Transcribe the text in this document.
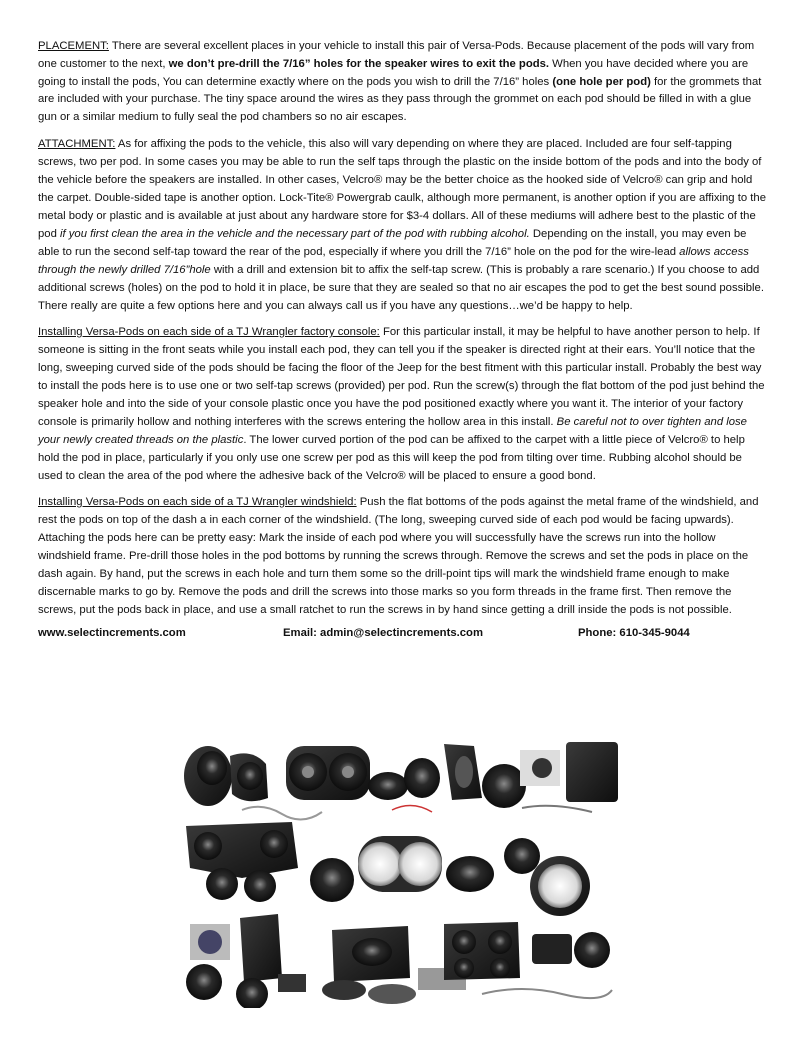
PLACEMENT: There are several excellent places in your vehicle to install this pair of Versa-Pods. Because placement of the pods will vary from one customer to the next, we don’t pre-drill the 7/16” holes for the speaker wires to exit the pods. When you have decided where you are going to install the pods, You can determine exactly where on the pods you wish to drill the 7/16” holes (one hole per pod) for the grommets that are included with your purchase. The tiny space around the wires as they pass through the grommet on each pod should be filled in with a glue gun or a similar medium to fully seal the pod chambers so no air escapes.

ATTACHMENT: As for affixing the pods to the vehicle, this also will vary depending on where they are placed. Included are four self-tapping screws, two per pod. In some cases you may be able to run the self taps through the plastic on the inside bottom of the pods and into the body of the vehicle before the speakers are installed. In other cases, Velcro® may be the better choice as the hooked side of Velcro® can grip and hold the carpet. Double-sided tape is another option. Lock-Tite® Powergrab caulk, although more permanent, is another option if you are affixing to the metal body or plastic and is available at just about any hardware store for $3-4 dollars. All of these mediums will adhere best to the plastic of the pod if you first clean the area in the vehicle and the necessary part of the pod with rubbing alcohol. Depending on the install, you may even be able to run the second self-tap toward the rear of the pod, especially if where you drill the 7/16” hole on the pod for the wire-lead allows access through the newly drilled 7/16”hole with a drill and extension bit to affix the self-tap screw. (This is probably a rare scenario.) If you choose to add additional screws (holes) on the pod to hold it in place, be sure that they are sealed so that no air escapes the pod to get the best sound possible. There really are quite a few options here and you can always call us if you have any questions…we’d be happy to help.

Installing Versa-Pods on each side of a TJ Wrangler factory console: For this particular install, it may be helpful to have another person to help. If someone is sitting in the front seats while you install each pod, they can tell you if the speaker is directed right at their ears. You’ll notice that the long, sweeping curved side of the pods should be facing the floor of the Jeep for the best fitment with this particular install. Probably the best way to install the pods here is to use one or two self-tap screws (provided) per pod. Run the screw(s) through the flat bottom of the pod just behind the speaker hole and into the side of your console plastic once you have the pod positioned exactly where you want it. The interior of your factory console is primarily hollow and nothing interferes with the screws entering the hollow area in this install. Be careful not to over tighten and lose your newly created threads on the plastic. The lower curved portion of the pod can be affixed to the carpet with a little piece of Velcro® to help hold the pod in place, particularly if you only use one screw per pod as this will keep the pod from tilting over time. Rubbing alcohol should be used to clean the area of the pod where the adhesive back of the Velcro® will be placed to ensure a good bond.

Installing Versa-Pods on each side of a TJ Wrangler windshield: Push the flat bottoms of the pods against the metal frame of the windshield, and rest the pods on top of the dash a in each corner of the windshield. (The long, sweeping curved side of each pod would be facing upwards). Attaching the pods here can be pretty easy: Mark the inside of each pod where you will successfully have the screws run into the hollow windshield frame. Pre-drill those holes in the pod bottoms by running the screws through. Remove the screws and set the pods in place on the dash again. By hand, put the screws in each hole and turn them some so the drill-point tips will mark the windshield frame enough to make discernable marks to go by. Remove the pods and drill the screws into those marks so you form threads in the frame first. Then remove the screws, put the pods back in place, and use a small ratchet to run the screws in by hand since getting a drill inside the pods is not possible.

www.selectincrements.com	Email: admin@selectincrements.com	Phone: 610-345-9044
